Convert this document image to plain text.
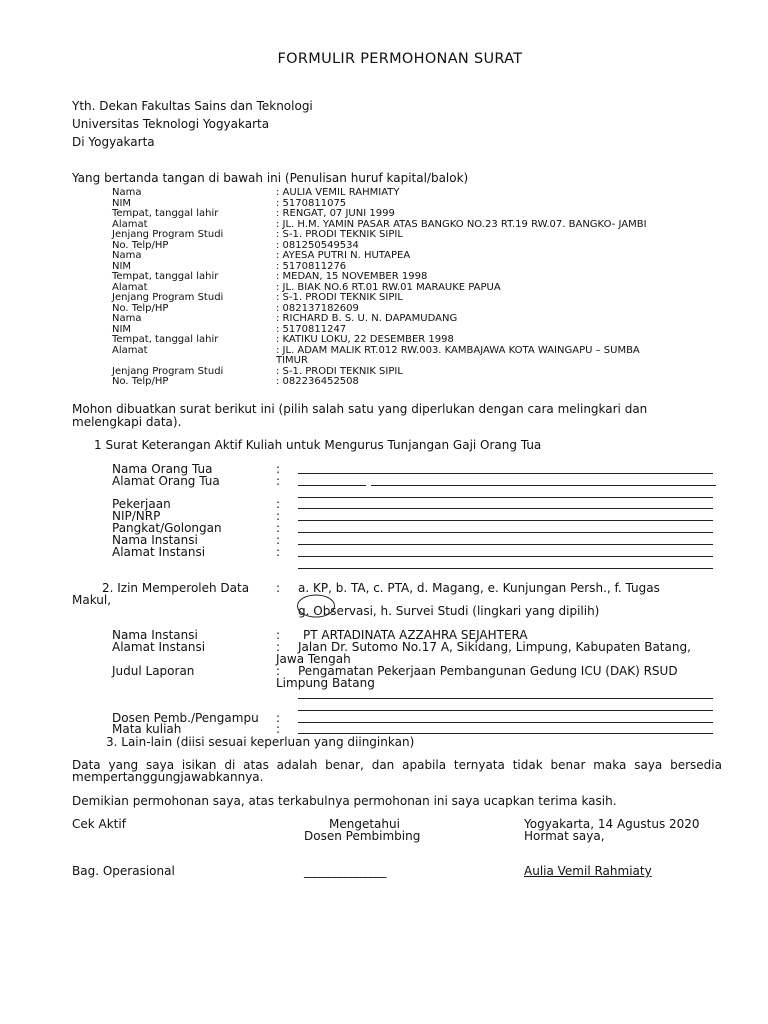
FORMULIR PERMOHONAN SURAT
Yth. Dekan Fakultas Sains dan Teknologi
Universitas Teknologi Yogyakarta
Di Yogyakarta
Yang bertanda tangan di bawah ini (Penulisan huruf kapital/balok)
Nama	: AULIA VEMIL RAHMIATY
NIM	: 5170811075
Tempat, tanggal lahir	: RENGAT, 07 JUNI 1999
Alamat	: JL. H.M. YAMIN PASAR ATAS BANGKO NO.23 RT.19 RW.07. BANGKO- JAMBI
Jenjang Program Studi	: S-1. PRODI TEKNIK SIPIL
No. Telp/HP	: 081250549534
Nama	: AYESA PUTRI N. HUTAPEA
NIM	: 5170811276
Tempat, tanggal lahir	: MEDAN, 15 NOVEMBER 1998
Alamat	: JL. BIAK NO.6 RT.01 RW.01 MARAUKE PAPUA
Jenjang Program Studi	: S-1. PRODI TEKNIK SIPIL
No. Telp/HP	: 082137182609
Nama	: RICHARD B. S. U. N. DAPAMUDANG
NIM	: 5170811247
Tempat, tanggal lahir	: KATIKU LOKU, 22 DESEMBER 1998
Alamat	: JL. ADAM MALIK RT.012 RW.003. KAMBAJAWA KOTA WAINGAPU – SUMBA
TIMUR
Jenjang Program Studi	: S-1. PRODI TEKNIK SIPIL
No. Telp/HP	: 082236452508
Mohon dibuatkan surat berikut ini (pilih salah satu yang diperlukan dengan cara melingkari dan
melengkapi data).
1 Surat Keterangan Aktif Kuliah untuk Mengurus Tunjangan Gaji Orang Tua
Nama Orang Tua	:
Alamat Orang Tua	:
Pekerjaan	:
NIP/NRP	:
Pangkat/Golongan	:
Nama Instansi	:
Alamat Instansi	:
2. Izin Memperoleh Data : a. KP, b. TA, c. PTA, d. Magang, e. Kunjungan Persh., f. Tugas
Makul,
g. Observasi, h. Survei Studi (lingkari yang dipilih)
Nama Instansi	: PT ARTADINATA AZZAHRA SEJAHTERA
Alamat Instansi	: Jalan Dr. Sutomo No.17 A, Sikidang, Limpung, Kabupaten Batang,
Jawa Tengah
Judul Laporan	: Pengamatan Pekerjaan Pembangunan Gedung ICU (DAK) RSUD
Limpung Batang
Dosen Pemb./Pengampu :
Mata kuliah	:
3. Lain-lain (diisi sesuai keperluan yang diinginkan)
Data yang saya isikan di atas adalah benar, dan apabila ternyata tidak benar maka saya bersedia
mempertanggungjawabkannya.
Demikian permohonan saya, atas terkabulnya permohonan ini saya ucapkan terima kasih.
Cek Aktif	Mengetahui
Dosen Pembimbing
Yogyakarta, 14 Agustus 2020
Hormat saya,
Bag. Operasional	________________	Aulia Vemil Rahmiaty
